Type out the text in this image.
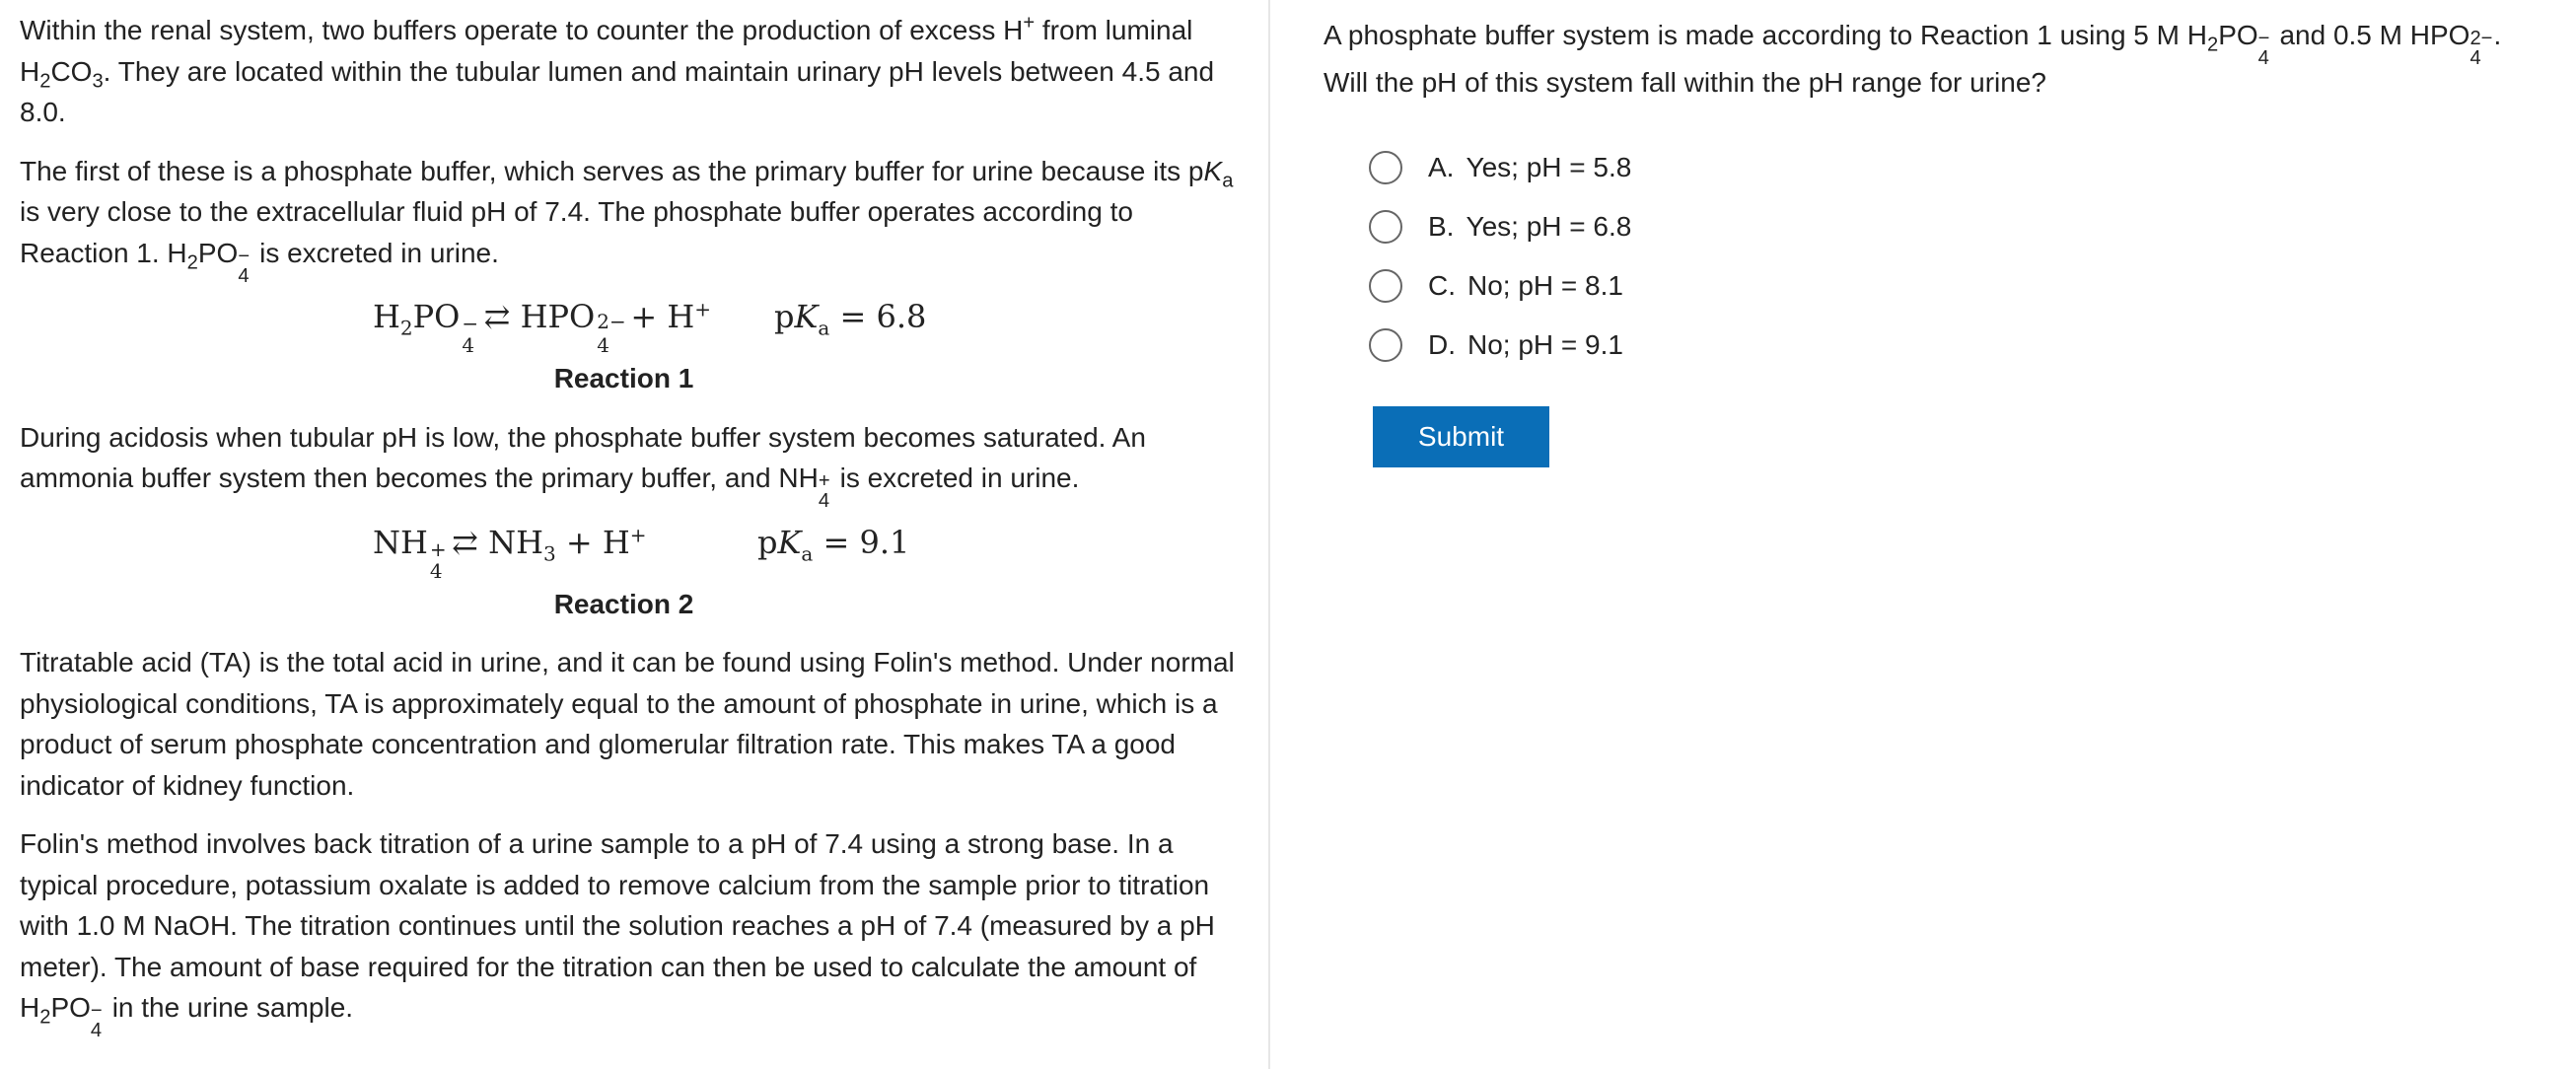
Within the renal system, two buffers operate to counter the production of excess H+ from luminal $H_2CO_3$. They are located within the tubular lumen and maintain urinary pH levels between 4.5 and 8.0.

The first of these is a phosphate buffer, which serves as the primary buffer for urine because its $pK_a$ is very close to the extracellular fluid pH of 7.4. The phosphate buffer operates according to Reaction 1. $H_2PO$ −
4
is excreted in urine.

$H_2PO$ −
4
⇄ HPO 2−
4
+ H+ $pK_a = 6.8$
Reaction 1

During acidosis when tubular pH is low, the phosphate buffer system becomes saturated. An ammonia buffer system then becomes the primary buffer, and NH +
4
is excreted in urine.

NH +
4
⇄ $NH_3 + H^+$	$pK_a = 9.1$
Reaction 2

Titratable acid (TA) is the total acid in urine, and it can be found using Folin's method. Under normal physiological conditions, TA is approximately equal to the amount of phosphate in urine, which is a product of serum phosphate concentration and glomerular filtration rate. This makes TA a good indicator of kidney function.

Folin's method involves back titration of a urine sample to a pH of 7.4 using a strong base. In a typical procedure, potassium oxalate is added to remove calcium from the sample prior to titration with 1.0 M NaOH. The titration continues until the solution reaches a pH of 7.4 (measured by a pH meter). The amount of base required for the titration can then be used to calculate the amount of $H_2PO$ −
4
in the urine sample.

A phosphate buffer system is made according to Reaction 1 using 5 M $H_2PO$ −
4
and 0.5 M HPO 2−
4
.

Will the pH of this system fall within the pH range for urine?

A. Yes; pH = 5.8
B. Yes; pH = 6.8
C. No; pH = 8.1
D. No; pH = 9.1
Submit
